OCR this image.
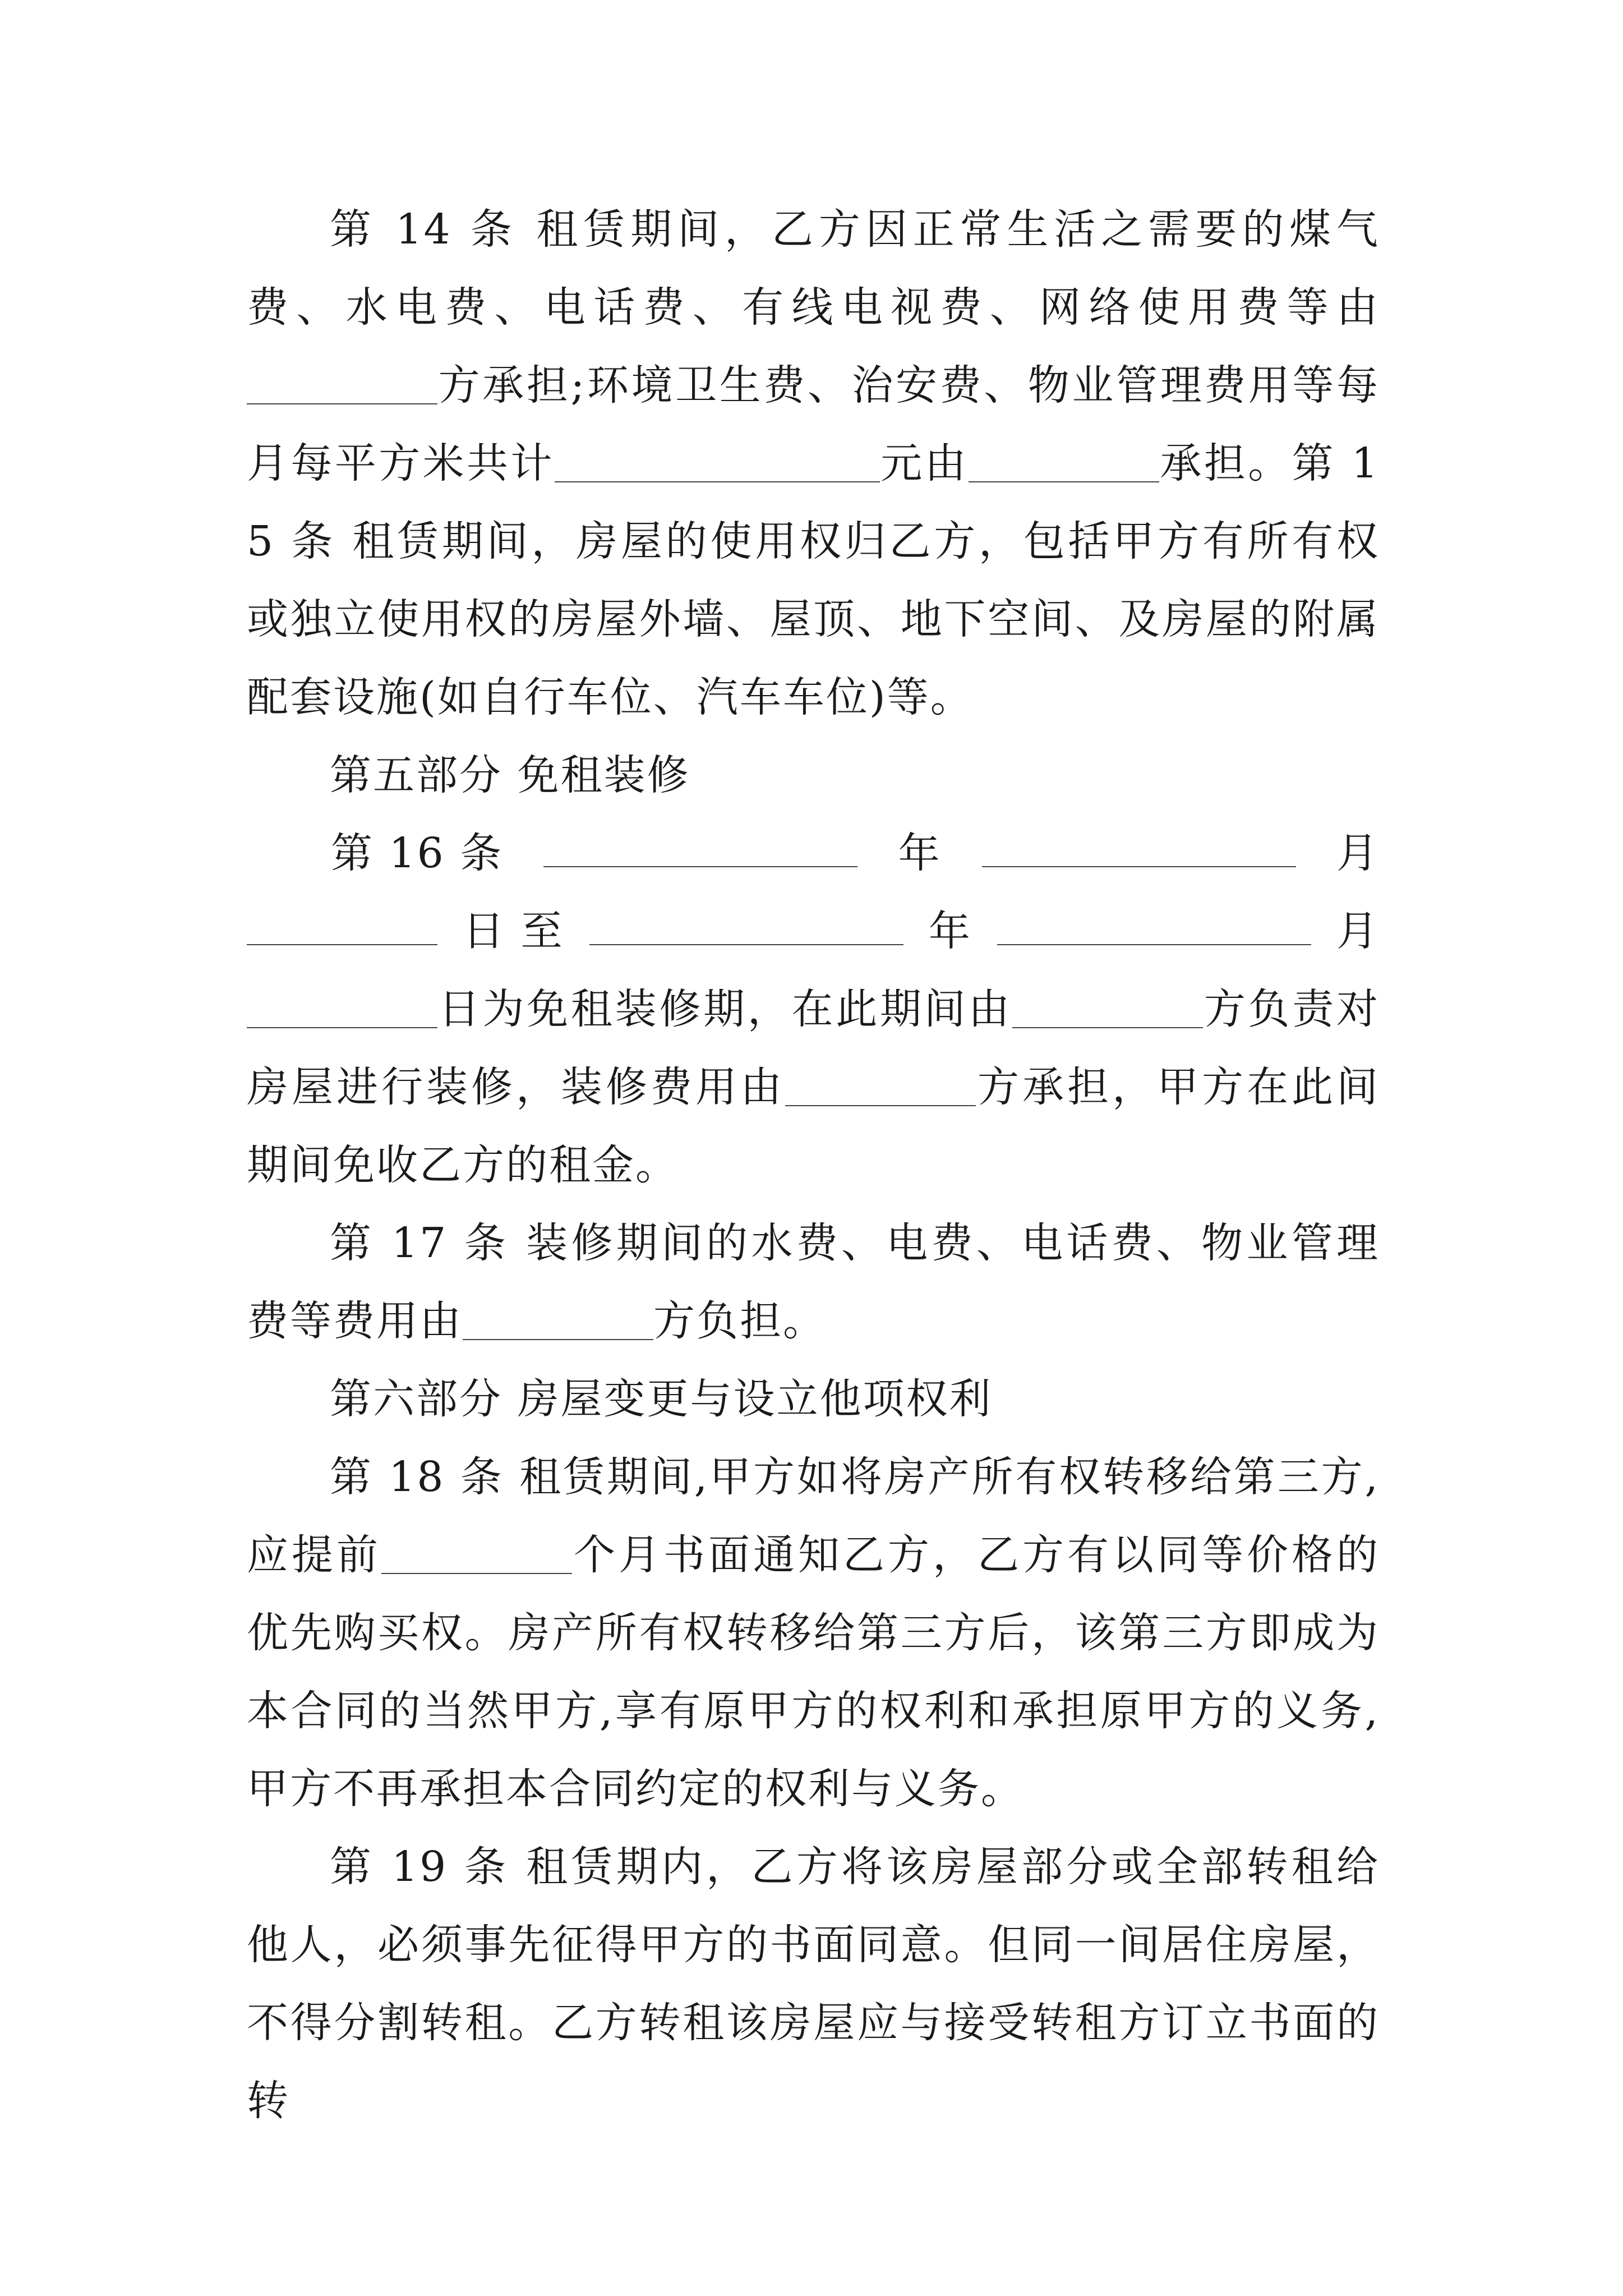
第 14 条 租赁期间，乙方因正常生活之需要的煤气费、水电费、电话费、有线电视费、网络使用费等由方承担;环境卫生费、治安费、物业管理费用等每月每平方米共计	元由	承担。第 15 条 租赁期间，房屋的使用权归乙方，包括甲方有所有权或独立使用权的房屋外墙、屋顶、地下空间、及房屋的附属配套设施(如自行车位、汽车车位)等。

第五部分 免租装修

第 16 条	年	月
日 至	年	月

日为免租装修期，在此期间由	方负责对房屋进行装修，装修费用由	方承担，甲方在此间期间免收乙方的租金。

第 17 条 装修期间的水费、电费、电话费、物业管理费等费用由	方负担。

第六部分 房屋变更与设立他项权利

第 18 条 租赁期间,甲方如将房产所有权转移给第三方,应提前	个月书面通知乙方，乙方有以同等价格的优先购买权。房产所有权转移给第三方后，该第三方即成为本合同的当然甲方,享有原甲方的权利和承担原甲方的义务,甲方不再承担本合同约定的权利与义务。

第 19 条 租赁期内，乙方将该房屋部分或全部转租给他人，必须事先征得甲方的书面同意。但同一间居住房屋，不得分割转租。乙方转租该房屋应与接受转租方订立书面的转
